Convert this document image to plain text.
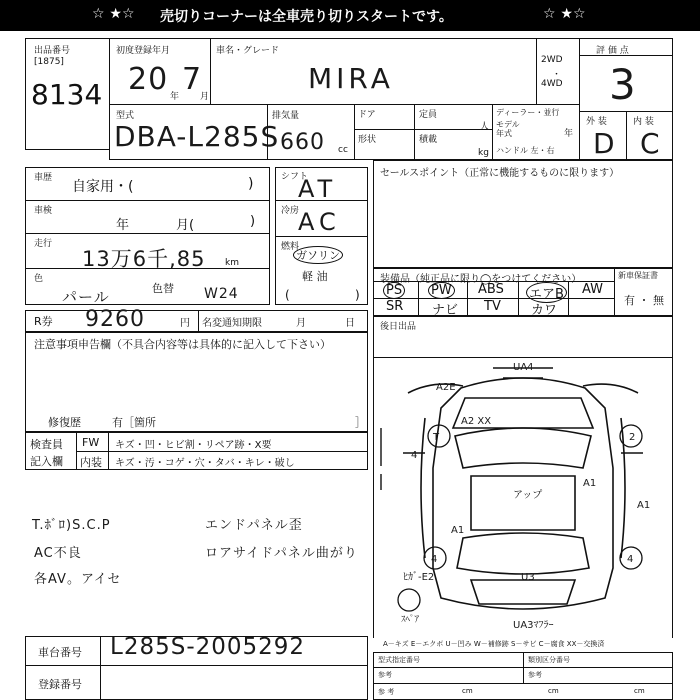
☆ ★☆ 売切りコーナーは全車売り切りスタートです。	☆ ★☆
出品番号
[1875]
8134
初度登録年月
20 年 7
月
車名・グレード
MIRA
2WD
・
4WD
評 価 点
3
外 装	内 装
D C
型式
DBA-L285S
排気量
660 cc
ドア	定員
人
形状	積載
kg
ディーラー・並行
モデル
年式	年
ハンドル 左・右
車歴
自家用・(	)
車検
年	月(	)
走行
13万6千,85 km
色
パール	色替 W24
シフト
AT
冷房
AC
燃料
ガソリン
軽 油
(	)
セールスポイント（正常に機能するものに限ります）
R券 9260	円 名変通知期限	月	日
装備品（純正品に限り◯をつけてください）	新車保証書
有 ・ 無
PS PW ABS エアB AW
SR ナビ TV カワ
後日出品
注意事項申告欄（不具合内容等は具体的に記入して下さい）
修復歴	有［箇所	］
検査員
記入欄
FW キズ・凹・ヒビ割・リペア跡・X要
内装 キズ・汚・コゲ・穴・タバ・キレ・破し
T.ﾎﾞﾛ)S.C.P	エンドパネル歪
AC不良	ロアサイドパネル曲がり
各AV。アイセ
車台番号 L285S-2005292
登録番号
A2E
UA4
A2 XX
T	2
A1
A1
アップ
A1
4	4
4
ﾋｶﾞ-E2	U3
ｽﾍﾟｱ	UA3ﾏﾌﾗｰ
A－キズ E－エクボ U－凹み W－補修跡 S－サビ C－腐食 XX－交換済
型式指定番号	類別区分番号
参考	参考
参 考	cm	cm	cm
